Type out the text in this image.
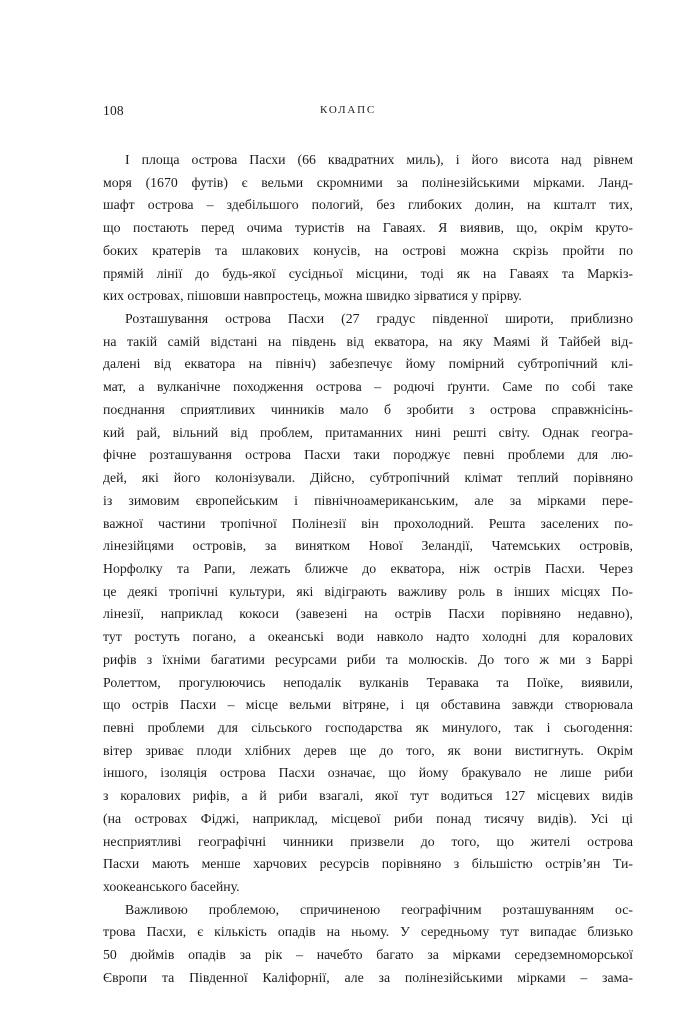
108	КОЛАПС
І площа острова Пасхи (66 квадратних миль), і його висота над рівнем
моря (1670 футів) є вельми скромними за полінезійськими мірками. Ланд-
шафт острова – здебільшого пологий, без глибоких долин, на кшталт тих,
що постають перед очима туристів на Гаваях. Я виявив, що, окрім круто-
боких кратерів та шлакових конусів, на острові можна скрізь пройти по
прямій лінії до будь-якої сусідньої місцини, тоді як на Гаваях та Маркіз-
ких островах, пішовши навпростець, можна швидко зірватися у прірву.
Розташування острова Пасхи (27 градус південної широти, приблизно
на такій самій відстані на південь від екватора, на яку Маямі й Тайбей від-
далені від екватора на північ) забезпечує йому помірний субтропічний клі-
мат, а вулканічне походження острова – родючі ґрунти. Саме по собі таке
поєднання сприятливих чинників мало б зробити з острова справжнісінь-
кий рай, вільний від проблем, притаманних нині решті світу. Однак геогра-
фічне розташування острова Пасхи таки породжує певні проблеми для лю-
дей, які його колонізували. Дійсно, субтропічний клімат теплий порівняно
із зимовим європейським і північноамериканським, але за мірками пере-
важної частини тропічної Полінезії він прохолодний. Решта заселених по-
лінезійцями островів, за винятком Нової Зеландії, Чатемських островів,
Норфолку та Рапи, лежать ближче до екватора, ніж острів Пасхи. Через
це деякі тропічні культури, які відіграють важливу роль в інших місцях По-
лінезії, наприклад кокоси (завезені на острів Пасхи порівняно недавно),
тут ростуть погано, а океанські води навколо надто холодні для коралових
рифів з їхніми багатими ресурсами риби та молюсків. До того ж ми з Баррі
Ролеттом, прогулюючись неподалік вулканів Теравака та Поїке, виявили,
що острів Пасхи – місце вельми вітряне, і ця обставина завжди створювала
певні проблеми для сільського господарства як минулого, так і сьогодення:
вітер зриває плоди хлібних дерев ще до того, як вони вистигнуть. Окрім
іншого, ізоляція острова Пасхи означає, що йому бракувало не лише риби
з коралових рифів, а й риби взагалі, якої тут водиться 127 місцевих видів
(на островах Фіджі, наприклад, місцевої риби понад тисячу видів). Усі ці
несприятливі географічні чинники призвели до того, що жителі острова
Пасхи мають менше харчових ресурсів порівняно з більшістю острів’ян Ти-
хоокеанського басейну.
Важливою проблемою, спричиненою географічним розташуванням ос-
трова Пасхи, є кількість опадів на ньому. У середньому тут випадає близько
50 дюймів опадів за рік – начебто багато за мірками середземноморської
Європи та Південної Каліфорнії, але за полінезійськими мірками – зама-
